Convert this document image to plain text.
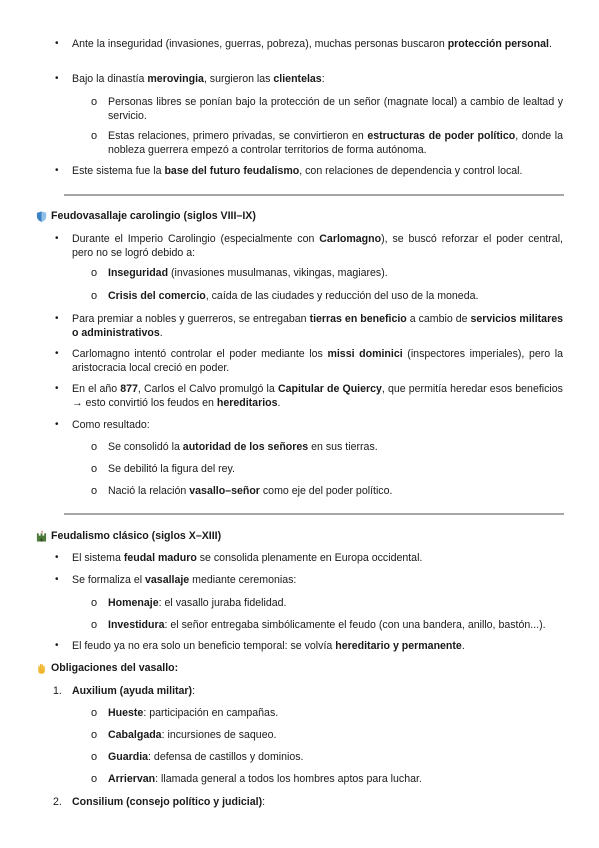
• Ante la inseguridad (invasiones, guerras, pobreza), muchas personas buscaron protección personal.
• Bajo la dinastía merovingia, surgieron las clientelas:
o Personas libres se ponían bajo la protección de un señor (magnate local) a cambio de lealtad y servicio.
o Estas relaciones, primero privadas, se convirtieron en estructuras de poder político, donde la nobleza guerrera empezó a controlar territorios de forma autónoma.
• Este sistema fue la base del futuro feudalismo, con relaciones de dependencia y control local.
Feudovasallaje carolingio (siglos VIII–IX)
• Durante el Imperio Carolingio (especialmente con Carlomagno), se buscó reforzar el poder central, pero no se logró debido a:
o Inseguridad (invasiones musulmanas, vikingas, magiares).
o Crisis del comercio, caída de las ciudades y reducción del uso de la moneda.
• Para premiar a nobles y guerreros, se entregaban tierras en beneficio a cambio de servicios militares o administrativos.
• Carlomagno intentó controlar el poder mediante los missi dominici (inspectores imperiales), pero la aristocracia local creció en poder.
• En el año 877, Carlos el Calvo promulgó la Capitular de Quiercy, que permitía heredar esos beneficios → esto convirtió los feudos en hereditarios.
• Como resultado:
o Se consolidó la autoridad de los señores en sus tierras.
o Se debilitó la figura del rey.
o Nació la relación vasallo–señor como eje del poder político.
Feudalismo clásico (siglos X–XIII)
• El sistema feudal maduro se consolida plenamente en Europa occidental.
• Se formaliza el vasallaje mediante ceremonias:
o Homenaje: el vasallo juraba fidelidad.
o Investidura: el señor entregaba simbólicamente el feudo (con una bandera, anillo, bastón...).
• El feudo ya no era solo un beneficio temporal: se volvía hereditario y permanente.
Obligaciones del vasallo:
1. Auxilium (ayuda militar):
o Hueste: participación en campañas.
o Cabalgada: incursiones de saqueo.
o Guardia: defensa de castillos y dominios.
o Arriervan: llamada general a todos los hombres aptos para luchar.
2. Consilium (consejo político y judicial):
